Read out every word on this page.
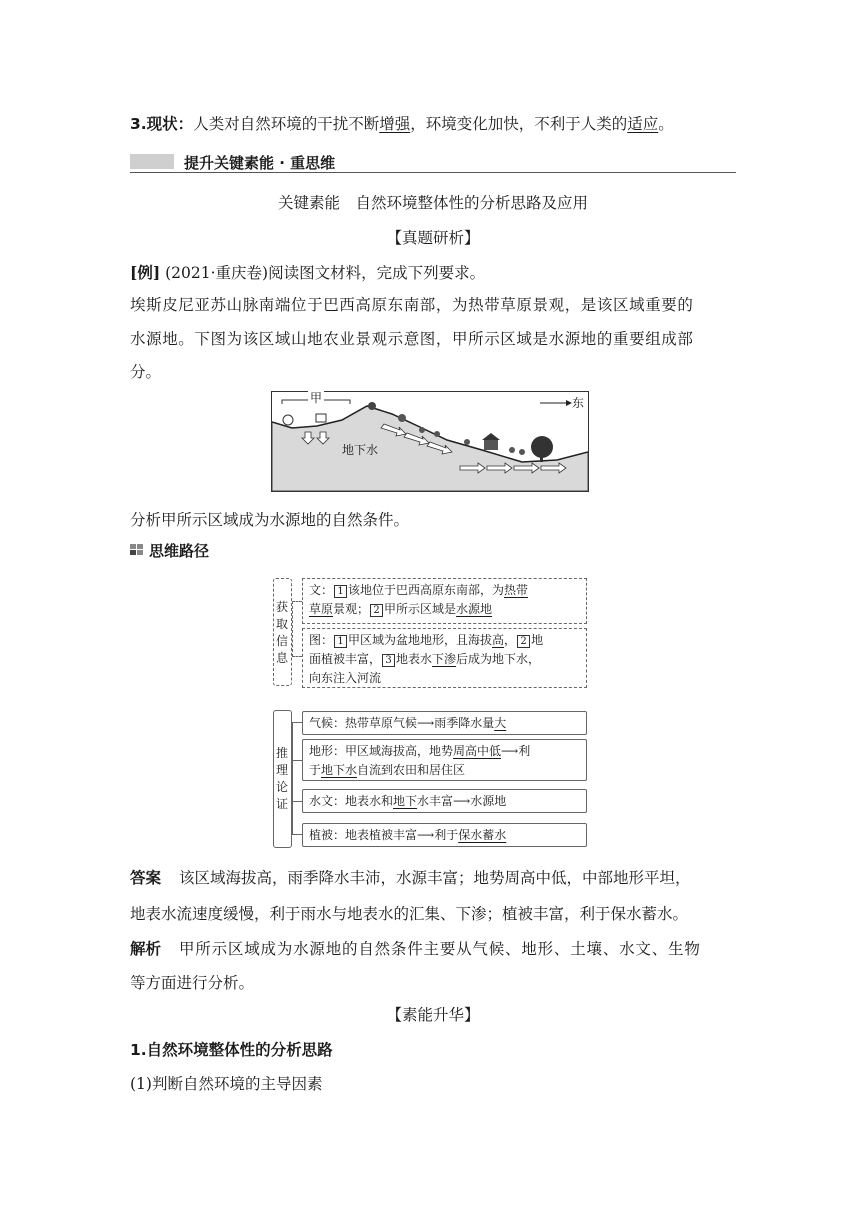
3.现状：人类对自然环境的干扰不断增强，环境变化加快，不利于人类的适应。
提升关键素能 · 重思维
关键素能　自然环境整体性的分析思路及应用
【真题研析】
[例] (2021·重庆卷)阅读图文材料，完成下列要求。
埃斯皮尼亚苏山脉南端位于巴西高原东南部，为热带草原景观，是该区域重要的
水源地。下图为该区域山地农业景观示意图，甲所示区域是水源地的重要组成部
分。
甲	东
地下水
分析甲所示区域成为水源地的自然条件。
思维路径
获
取
信
息
文： 1 该地位于巴西高原东南部，为热带
草原景观； 2 甲所示区域是水源地
图： 1 甲区域为盆地地形，且海拔高， 2 地
面植被丰富， 3 地表水下渗后成为地下水，
向东注入河流
推
理
论
证
气候：热带草原气候⟶雨季降水量大
地形：甲区域海拔高，地势周高中低⟶利
于地下水自流到农田和居住区
水文：地表水和地下水丰富⟶水源地
植被：地表植被丰富⟶利于保水蓄水
答案 该区域海拔高，雨季降水丰沛，水源丰富；地势周高中低，中部地形平坦，
地表水流速度缓慢，利于雨水与地表水的汇集、下渗；植被丰富，利于保水蓄水。
解析 甲所示区域成为水源地的自然条件主要从气候、地形、土壤、水文、生物
等方面进行分析。
【素能升华】
1.自然环境整体性的分析思路
(1)判断自然环境的主导因素
